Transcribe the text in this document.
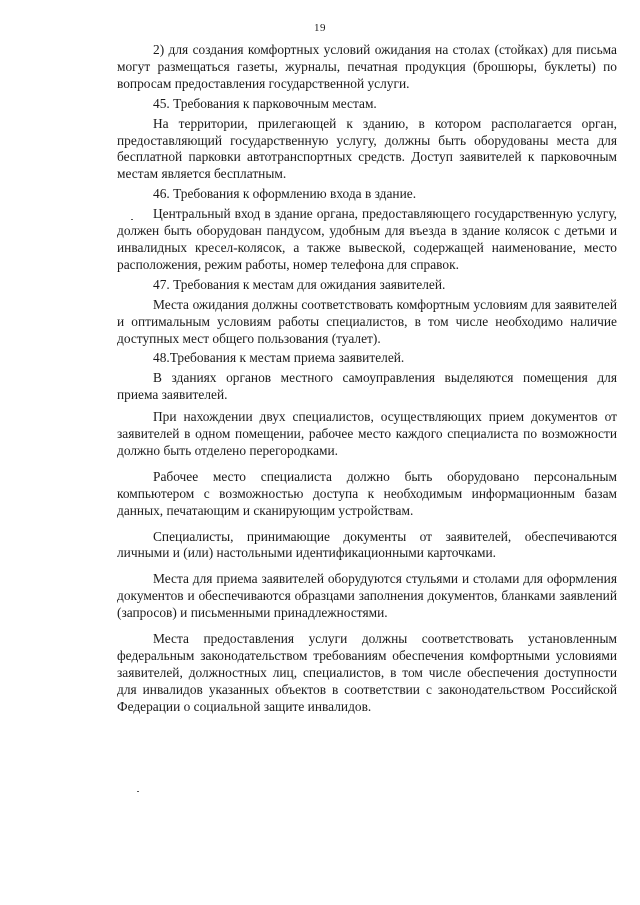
19

2) для создания комфортных условий ожидания на столах (стойках) для письма могут размещаться газеты, журналы, печатная продукция (брошюры, буклеты) по вопросам предоставления государственной услуги.

45. Требования к парковочным местам.

На территории, прилегающей к зданию, в котором располагается орган, предоставляющий государственную услугу, должны быть оборудованы места для бесплатной парковки автотранспортных средств. Доступ заявителей к парковочным местам является бесплатным.

46. Требования к оформлению входа в здание.

Центральный вход в здание органа, предоставляющего государственную услугу, должен быть оборудован пандусом, удобным для въезда в здание колясок с детьми и инвалидных кресел-колясок, а также вывеской, содержащей наименование, место расположения, режим работы, номер телефона для справок.

47. Требования к местам для ожидания заявителей.

Места ожидания должны соответствовать комфортным условиям для заявителей и оптимальным условиям работы специалистов, в том числе необходимо наличие доступных мест общего пользования (туалет).

48.Требования к местам приема заявителей.

В зданиях органов местного самоуправления выделяются помещения для приема заявителей.

При нахождении двух специалистов, осуществляющих прием документов от заявителей в одном помещении, рабочее место каждого специалиста по возможности должно быть отделено перегородками.

Рабочее место специалиста должно быть оборудовано персональным компьютером с возможностью доступа к необходимым информационным базам данных, печатающим и сканирующим устройствам.

Специалисты, принимающие документы от заявителей, обеспечиваются личными и (или) настольными идентификационными карточками.

Места для приема заявителей оборудуются стульями и столами для оформления документов и обеспечиваются образцами заполнения документов, бланками заявлений (запросов) и письменными принадлежностями.

Места предоставления услуги должны соответствовать установленным федеральным законодательством требованиям обеспечения комфортными условиями заявителей, должностных лиц, специалистов, в том числе обеспечения доступности для инвалидов указанных объектов в соответствии с законодательством Российской Федерации о социальной защите инвалидов.
